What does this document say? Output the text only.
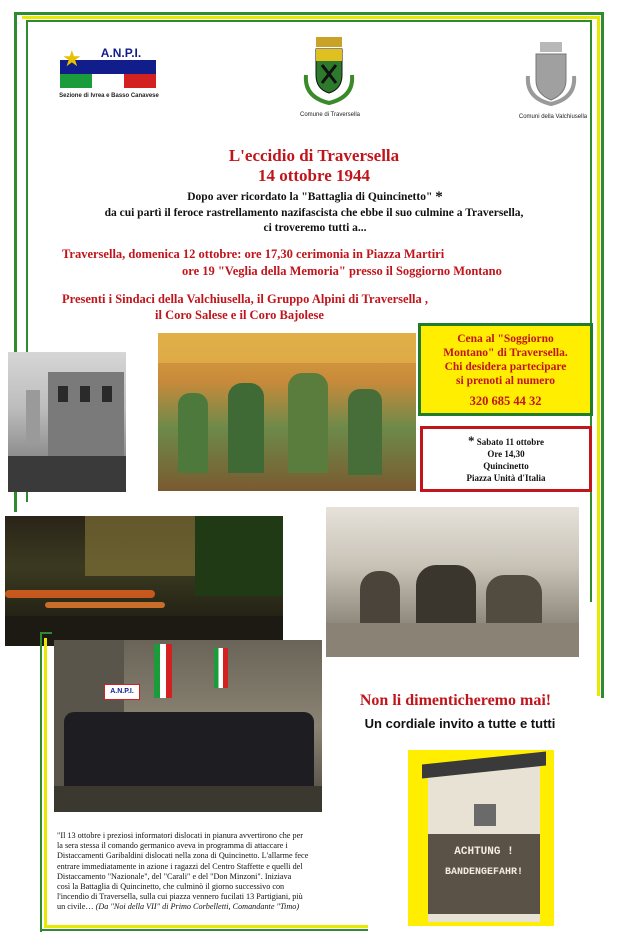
★	A.N.P.I.
Sezione di Ivrea e Basso Canavese
Comune di Traversella	Comuni della Valchiusella
L'eccidio di Traversella
14 ottobre 1944
Dopo aver ricordato la "Battaglia di Quincinetto" *
da cui partì il feroce rastrellamento nazifascista che ebbe il suo culmine a Traversella,
ci troveremo tutti a...
Traversella, domenica 12 ottobre: ore 17,30 cerimonia in Piazza Martiri
ore 19 "Veglia della Memoria" presso il Soggiorno Montano
Presenti i Sindaci della Valchiusella, il Gruppo Alpini di Traversella ,
il Coro Salese e il Coro Bajolese
Cena al "Soggiorno
Montano" di Traversella.
Chi desidera partecipare
si prenoti al numero
320 685 44 32
* Sabato 11 ottobre
Ore 14,30
Quincinetto
Piazza Unità d'Italia
A.N.P.I.
Non li dimenticheremo mai!
Un cordiale invito a tutte e tutti
ACHTUNG !
BANDENGEFAHR!
"Il 13 ottobre i preziosi informatori dislocati in pianura avvertirono che per
la sera stessa il comando germanico aveva in programma di attaccare i
Distaccamenti Garibaldini dislocati nella zona di Quincinetto. L'allarme fece
entrare immediatamente in azione i ragazzi del Centro Staffette e quelli del
Distaccamento "Nazionale", del "Carali" e del "Don Minzoni". Iniziava
così la Battaglia di Quincinetto, che culminò il giorno successivo con
l'incendio di Traversella, sulla cui piazza vennero fucilati 13 Partigiani, più
un civile… (Da "Noi della VII" di Primo Corbelletti, Comandante "Timo)
